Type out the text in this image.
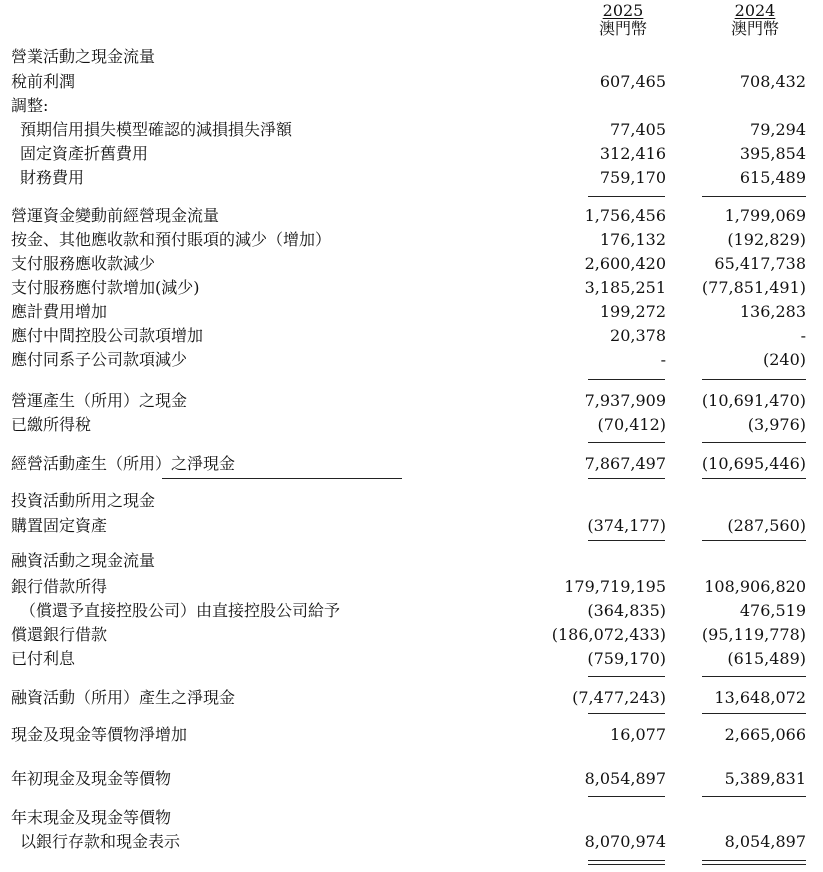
2025
澳門幣
2024
澳門幣
營業活動之現金流量
稅前利潤	607,465	708,432
調整:
預期信用損失模型確認的減損損失淨額	77,405	79,294
固定資產折舊費用	312,416	395,854
財務費用	759,170	615,489
營運資金變動前經營現金流量	1,756,456	1,799,069
按金、其他應收款和預付賬項的減少（增加）	176,132	(192,829)
支付服務應收款減少	2,600,420	65,417,738
支付服務應付款增加(減少)	3,185,251 (77,851,491)
應計費用增加	199,272	136,283
應付中間控股公司款項增加	20,378	-
應付同系子公司款項減少	-	(240)
營運產生（所用）之現金	7,937,909 (10,691,470)
已繳所得稅	(70,412)	(3,976)
經營活動產生（所用）之淨現金	7,867,497 (10,695,446)
投資活動所用之現金
購置固定資產	(374,177)	(287,560)
融資活動之現金流量
銀行借款所得	179,719,195 108,906,820
（償還予直接控股公司）由直接控股公司給予	(364,835)	476,519
償還銀行借款	(186,072,433) (95,119,778)
已付利息	(759,170)	(615,489)
融資活動（所用）產生之淨現金	(7,477,243)	13,648,072
現金及現金等價物淨增加	16,077	2,665,066
年初現金及現金等價物	8,054,897	5,389,831
年末現金及現金等價物
以銀行存款和現金表示	8,070,974	8,054,897
